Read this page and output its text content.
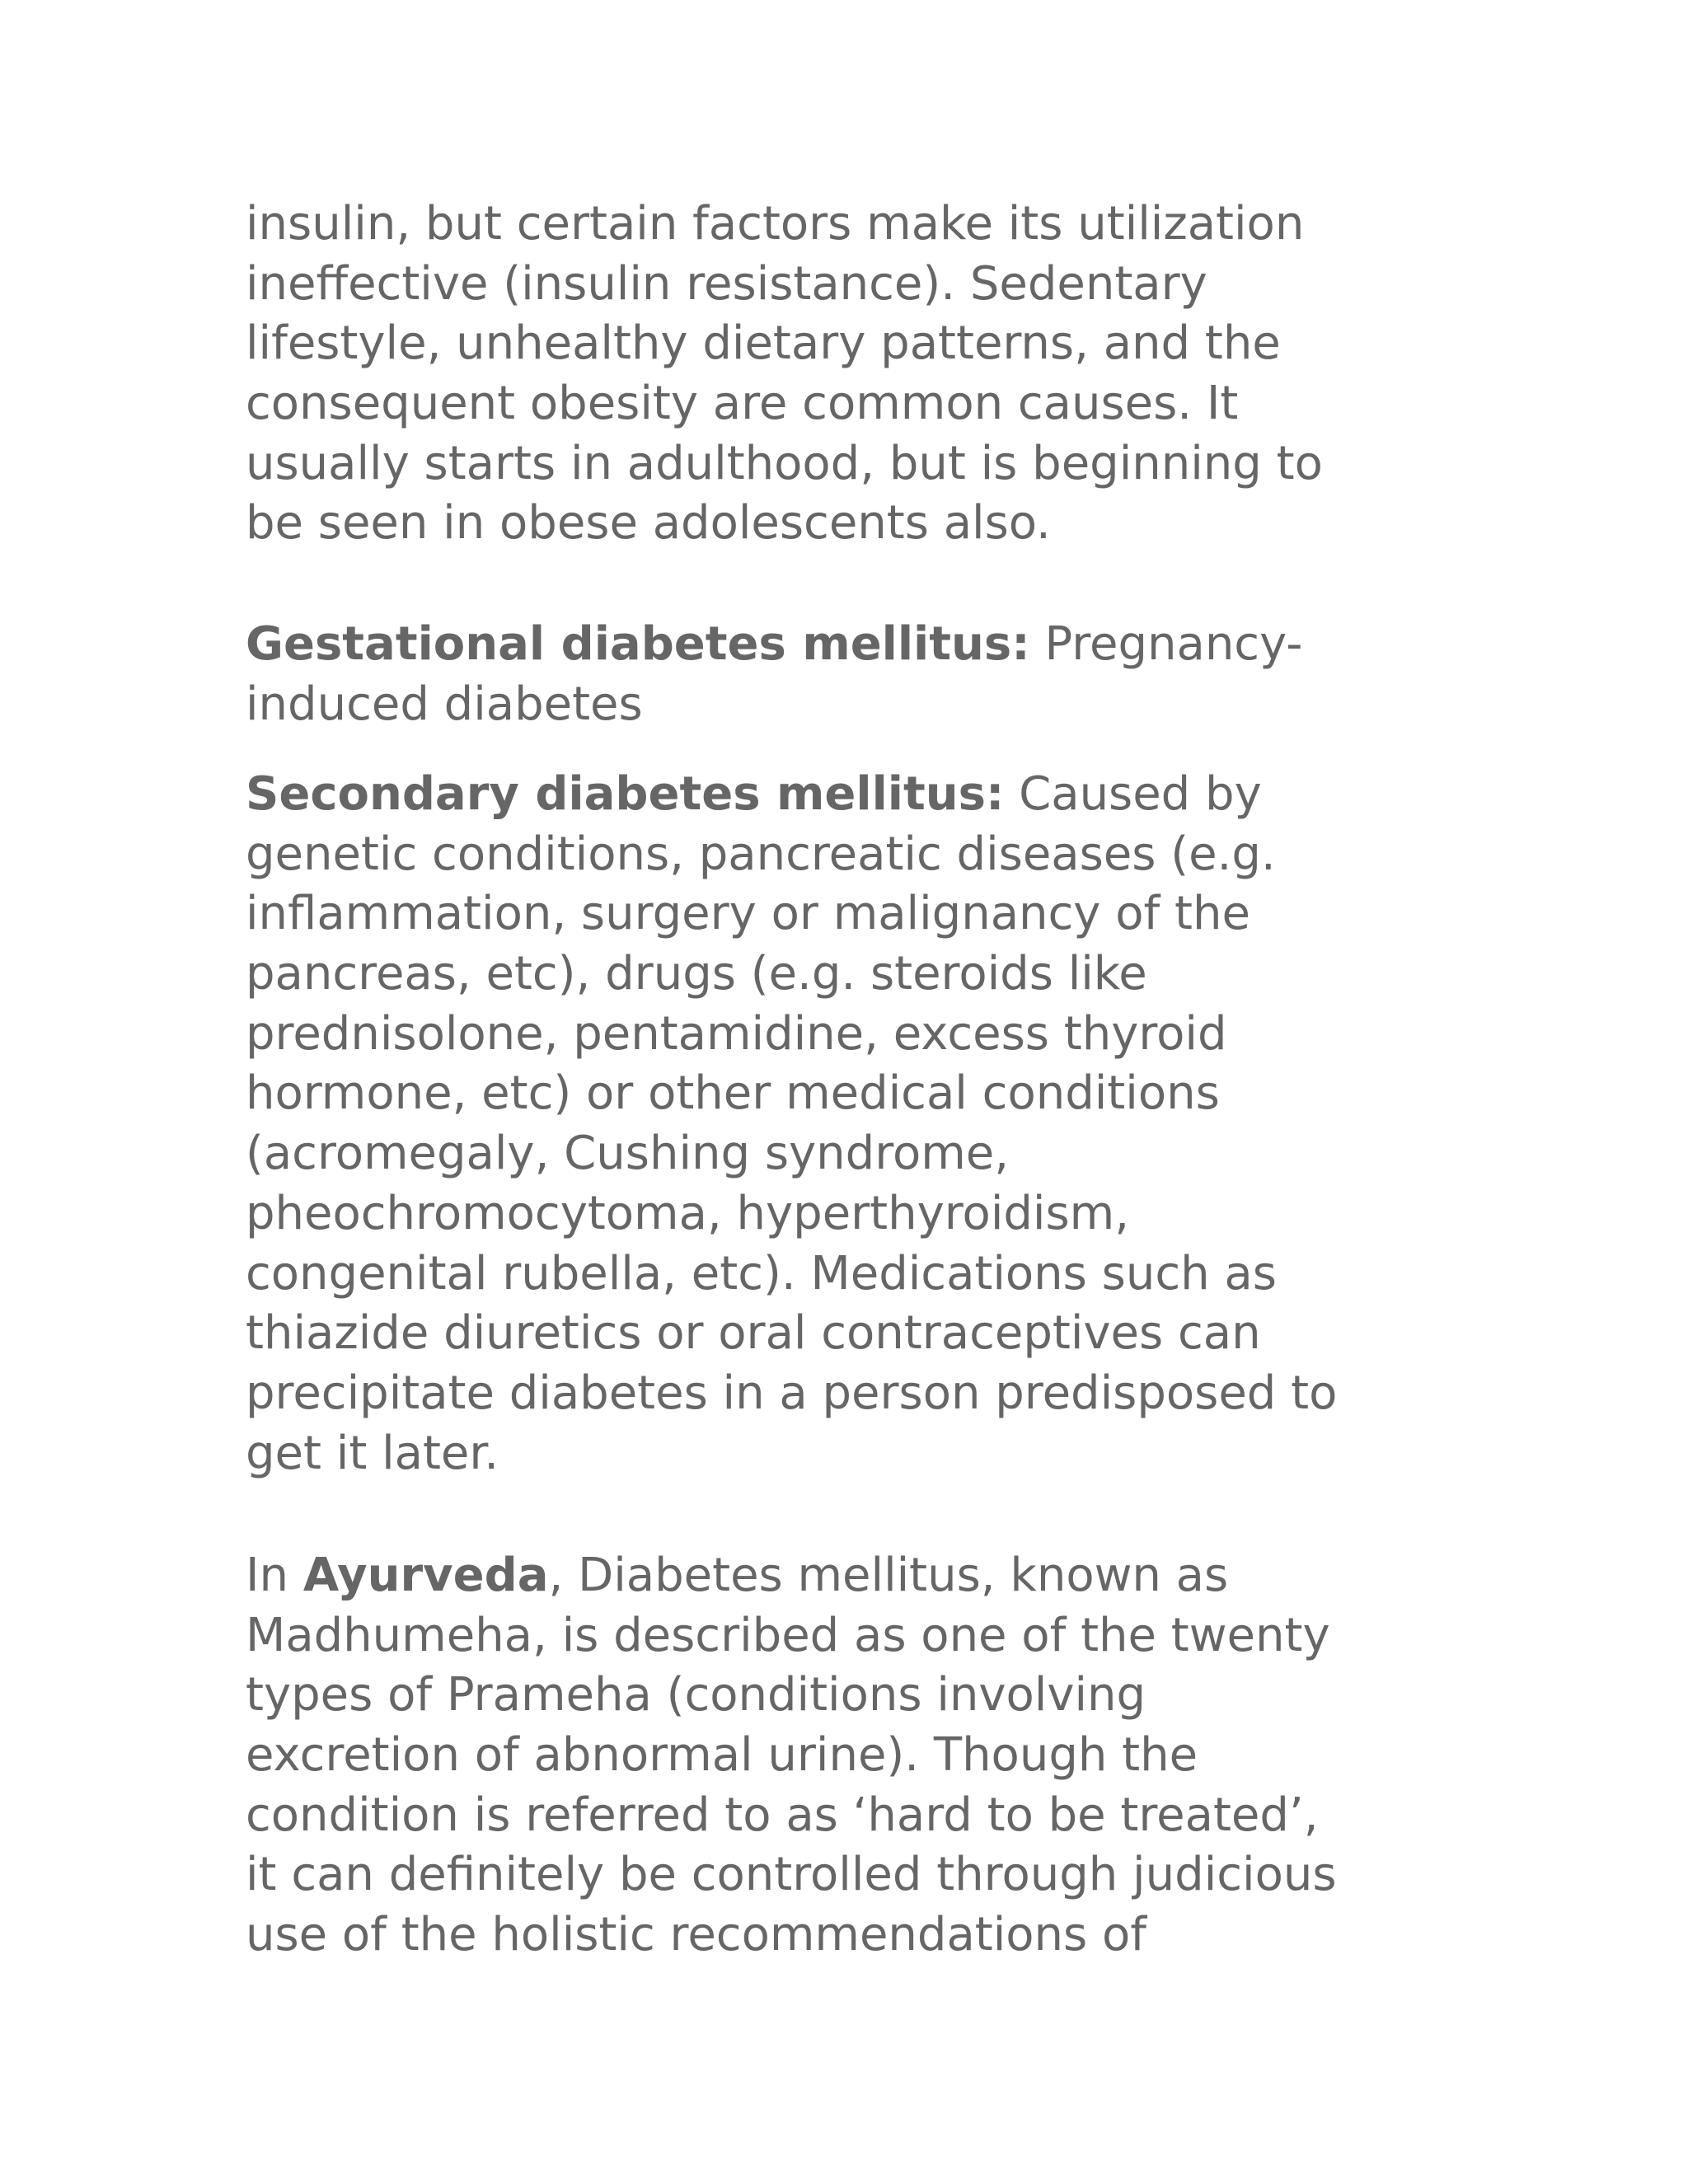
insulin, but certain factors make its utilization
ineffective (insulin resistance). Sedentary
lifestyle, unhealthy dietary patterns, and the
consequent obesity are common causes. It
usually starts in adulthood, but is beginning to
be seen in obese adolescents also.
Gestational diabetes mellitus: Pregnancy-
induced diabetes
Secondary diabetes mellitus: Caused by
genetic conditions, pancreatic diseases (e.g.
inflammation, surgery or malignancy of the
pancreas, etc), drugs (e.g. steroids like
prednisolone, pentamidine, excess thyroid
hormone, etc) or other medical conditions
(acromegaly, Cushing syndrome,
pheochromocytoma, hyperthyroidism,
congenital rubella, etc). Medications such as
thiazide diuretics or oral contraceptives can
precipitate diabetes in a person predisposed to
get it later.
In Ayurveda, Diabetes mellitus, known as
Madhumeha, is described as one of the twenty
types of Prameha (conditions involving
excretion of abnormal urine). Though the
condition is referred to as ‘hard to be treated’,
it can definitely be controlled through judicious
use of the holistic recommendations of
